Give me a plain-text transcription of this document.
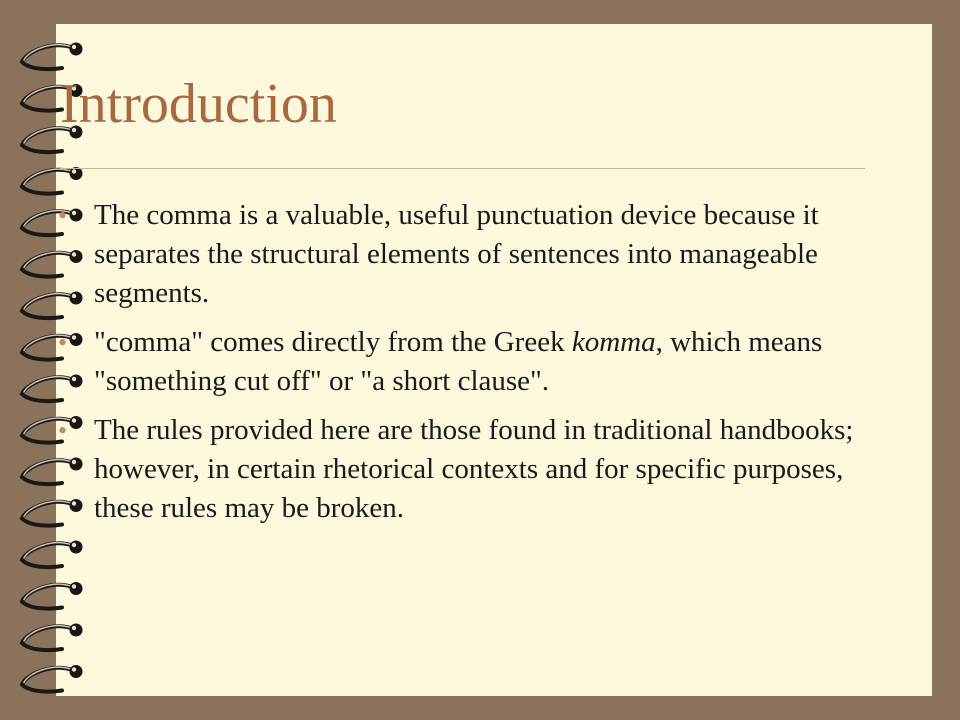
Introduction
• The comma is a valuable, useful punctuation device because it separates the structural elements of sentences into manageable segments.
• "comma" comes directly from the Greek komma, which means "something cut off" or "a short clause".
• The rules provided here are those found in traditional handbooks; however, in certain rhetorical contexts and for specific purposes, these rules may be broken.
